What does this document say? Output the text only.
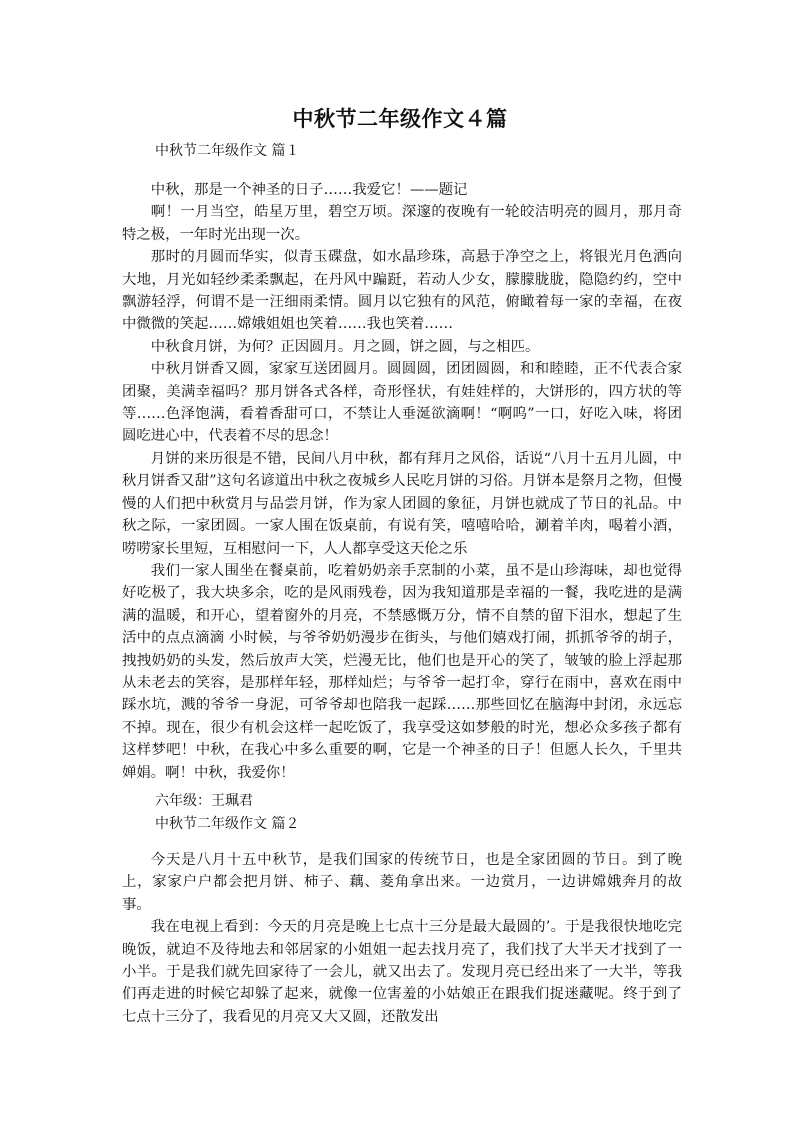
中秋节二年级作文４篇
中秋节二年级作文 篇１

中秋，那是一个神圣的日子……我爱它！——题记

啊！一月当空，皓星万里，碧空万顷。深邃的夜晚有一轮皎洁明亮的圆月，那月奇特之极，一年时光出现一次。

那时的月圆而华实，似青玉碟盘，如水晶珍珠，高悬于净空之上，将银光月色洒向大地，月光如轻纱柔柔飘起，在丹风中蹁跹，若动人少女，朦朦胧胧，隐隐约约，空中飘游轻浮，何谓不是一汪细雨柔情。圆月以它独有的风范，俯瞰着每一家的幸福，在夜中微微的笑起……嫦娥姐姐也笑着……我也笑着……

中秋食月饼，为何？正因圆月。月之圆，饼之圆，与之相匹。

中秋月饼香又圆，家家互送团圆月。圆圆圆，团团圆圆，和和睦睦，正不代表合家团聚，美满幸福吗？那月饼各式各样，奇形怪状，有娃娃样的，大饼形的，四方状的等等……色泽饱满，看着香甜可口，不禁让人垂涎欲滴啊！“啊呜”一口，好吃入味，将团圆吃进心中，代表着不尽的思念！

月饼的来历很是不错，民间八月中秋，都有拜月之风俗，话说“八月十五月儿圆，中秋月饼香又甜”这句名谚道出中秋之夜城乡人民吃月饼的习俗。月饼本是祭月之物，但慢慢的人们把中秋赏月与品尝月饼，作为家人团圆的象征，月饼也就成了节日的礼品。中秋之际，一家团圆。一家人围在饭桌前，有说有笑，嘻嘻哈哈，涮着羊肉，喝着小酒，唠唠家长里短，互相慰问一下，人人都享受这天伦之乐

我们一家人围坐在餐桌前，吃着奶奶亲手烹制的小菜，虽不是山珍海味，却也觉得好吃极了，我大块多余，吃的是风雨残卷，因为我知道那是幸福的一餐，我吃进的是满满的温暖，和开心，望着窗外的月亮，不禁感慨万分，情不自禁的留下泪水，想起了生活中的点点滴滴 小时候，与爷爷奶奶漫步在街头，与他们嬉戏打闹，抓抓爷爷的胡子，拽拽奶奶的头发，然后放声大笑，烂漫无比，他们也是开心的笑了，皱皱的脸上浮起那从未老去的笑容，是那样年轻，那样灿烂；与爷爷一起打伞，穿行在雨中，喜欢在雨中踩水坑，溅的爷爷一身泥，可爷爷却也陪我一起踩……那些回忆在脑海中封闭，永远忘不掉。现在，很少有机会这样一起吃饭了，我享受这如梦般的时光，想必众多孩子都有这样梦吧！中秋，在我心中多么重要的啊，它是一个神圣的日子！但愿人长久，千里共婵娟。啊！中秋，我爱你！

六年级：王珮君
中秋节二年级作文 篇２

今天是八月十五中秋节，是我们国家的传统节日，也是全家团圆的节日。到了晚上，家家户户都会把月饼、柿子、藕、菱角拿出来。一边赏月，一边讲嫦娥奔月的故事。

我在电视上看到：今天的月亮是晚上七点十三分是最大最圆的’。于是我很快地吃完晚饭，就迫不及待地去和邻居家的小姐姐一起去找月亮了，我们找了大半天才找到了一小半。于是我们就先回家待了一会儿，就又出去了。发现月亮已经出来了一大半，等我们再走进的时候它却躲了起来，就像一位害羞的小姑娘正在跟我们捉迷藏呢。终于到了七点十三分了，我看见的月亮又大又圆，还散发出
